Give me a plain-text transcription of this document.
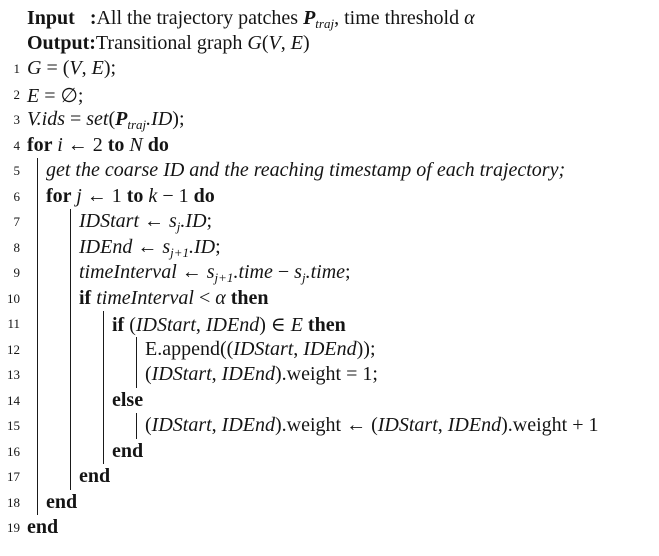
Input :All the trajectory patches $P_{traj}$, time threshold α
Output:Transitional graph G(V, E)
1 G = (V, E);
2 E = ∅;
3 $V.ids = set(P_{traj}.ID)$;
4 for i ← 2 to N do
5 get the coarse ID and the reaching timestamp of each trajectory;
6 for j ← 1 to k − 1 do
7	IDStart ← $s_j.ID$;
8	IDEnd ← $s_{j+1}.ID$;
9	timeInterval ← $s_{j+1}.time$ − $s_j.time$;
10	if timeInterval < α then
11	if (IDStart, IDEnd) ∈ E then
12	E.append((IDStart, IDEnd));
13	(IDStart, IDEnd).weight = 1;
14	else
15	(IDStart, IDEnd).weight ← (IDStart, IDEnd).weight + 1
16	end
17	end
18 end
19 end
